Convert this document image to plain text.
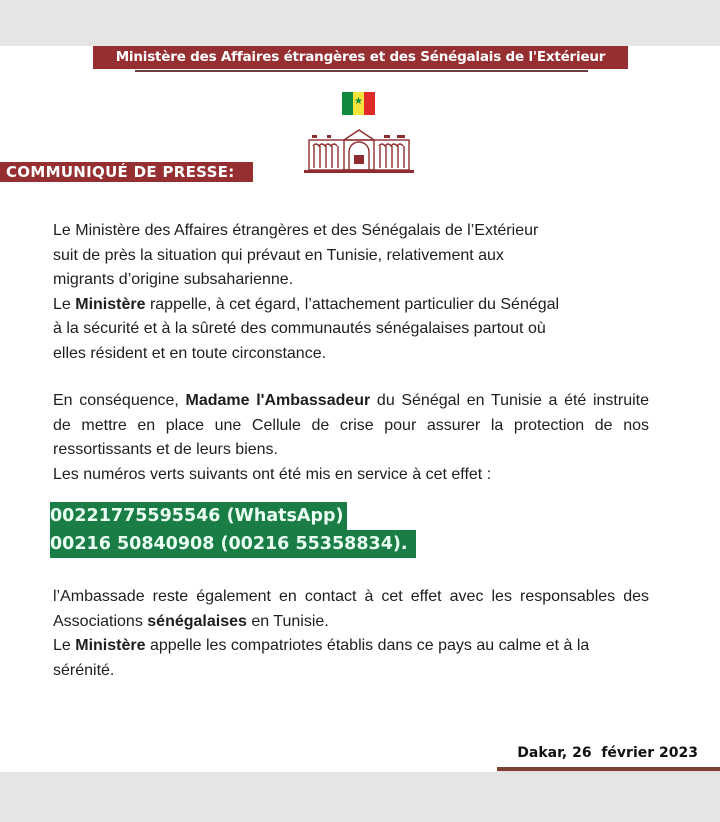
Ministère des Affaires étrangères et des Sénégalais de l'Extérieur
★
COMMUNIQUÉ DE PRESSE:
Le Ministère des Affaires étrangères et des Sénégalais de l’Extérieur
suit de près la situation qui prévaut en Tunisie, relativement aux
migrants d’origine subsaharienne.
Le Ministère rappelle, à cet égard, l’attachement particulier du Sénégal
à la sécurité et à la sûreté des communautés sénégalaises partout où
elles résident et en toute circonstance.
En conséquence, Madame l'Ambassadeur du Sénégal en Tunisie a été instruite de mettre en place une Cellule de crise pour assurer la protection de nos ressortissants et de leurs biens.
Les numéros verts suivants ont été mis en service à cet effet :
00221775595546 (WhatsApp)
00216 50840908 (00216 55358834).
l’Ambassade reste également en contact à cet effet avec les responsables des Associations sénégalaises en Tunisie.
Le Ministère appelle les compatriotes établis dans ce pays au calme et à la sérénité.
Dakar, 26  février 2023
